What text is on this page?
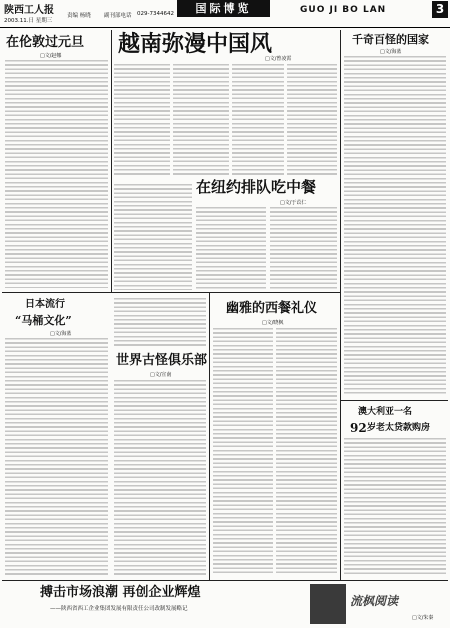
陕西工人报
2003.11.日 星期三
责编 杨晓 副刊部电话 029-7344642	国际博览	GUO JI BO LAN	3
在伦敦过元旦
□文/赵娜	越南弥漫中国风
□文/曾凌霄
千奇百怪的国家
□文/海蓝
在纽约排队吃中餐
□文/于苡仁
日本流行
“马桶文化”
□文/海蓝
世界古怪俱乐部
□文/宣南
幽雅的西餐礼仪
□文/晓枫
澳大利亚一名
92 岁老太贷款购房
搏击市场浪潮 再创企业辉煌
——陕西省西工企业集团发展有限责任公司改制发展略记
流枫阅读
□文/朱秦
